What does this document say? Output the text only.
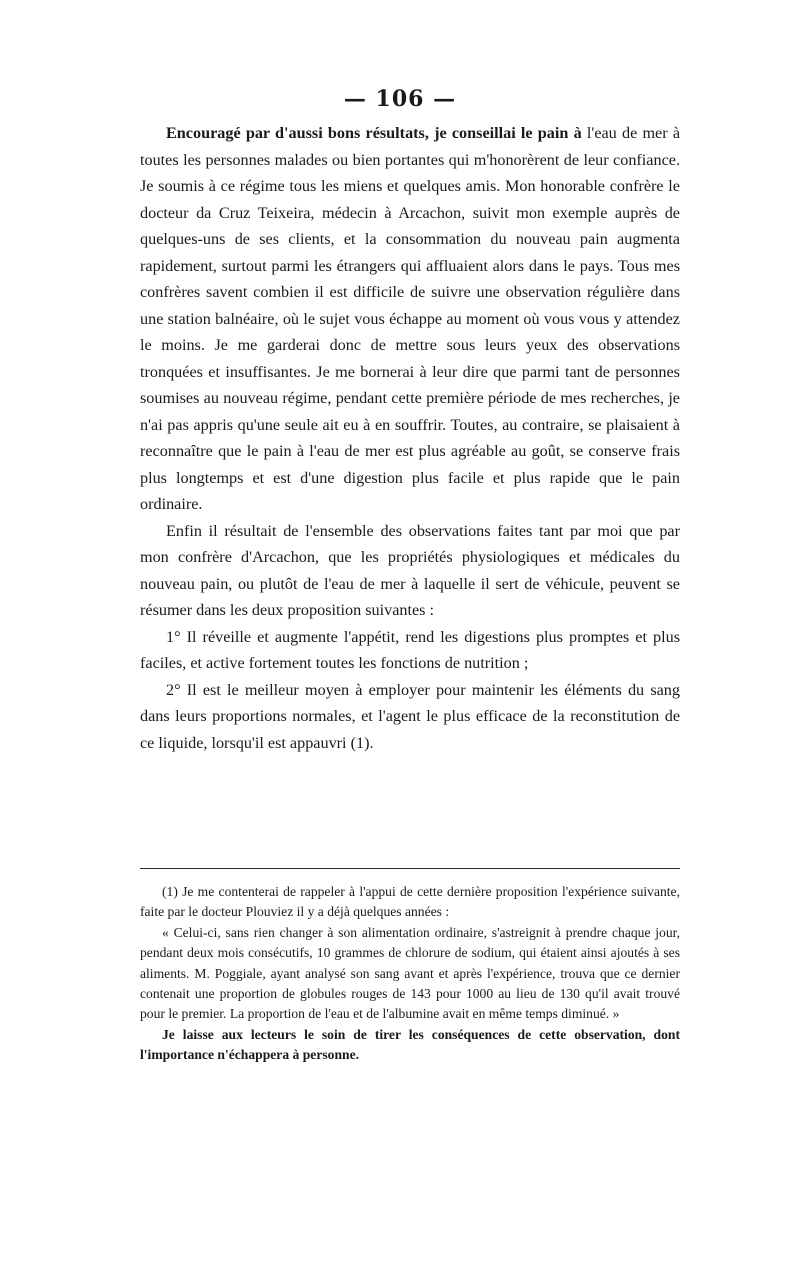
— 106 —

Encouragé par d'aussi bons résultats, je conseillai le pain à l'eau de mer à toutes les personnes malades ou bien portantes qui m'honorèrent de leur confiance. Je soumis à ce régime tous les miens et quelques amis. Mon honorable confrère le docteur da Cruz Teixeira, médecin à Arcachon, suivit mon exemple auprès de quelques-uns de ses clients, et la consommation du nouveau pain augmenta rapidement, surtout parmi les étrangers qui affluaient alors dans le pays. Tous mes confrères savent combien il est difficile de suivre une observation régulière dans une station balnéaire, où le sujet vous échappe au moment où vous vous y attendez le moins. Je me garderai donc de mettre sous leurs yeux des observations tronquées et insuffisantes. Je me bornerai à leur dire que parmi tant de personnes soumises au nouveau régime, pendant cette première période de mes recherches, je n'ai pas appris qu'une seule ait eu à en souffrir. Toutes, au contraire, se plaisaient à reconnaître que le pain à l'eau de mer est plus agréable au goût, se conserve frais plus longtemps et est d'une digestion plus facile et plus rapide que le pain ordinaire.

Enfin il résultait de l'ensemble des observations faites tant par moi que par mon confrère d'Arcachon, que les propriétés physiologiques et médicales du nouveau pain, ou plutôt de l'eau de mer à laquelle il sert de véhicule, peuvent se résumer dans les deux proposition suivantes :

1° Il réveille et augmente l'appétit, rend les digestions plus promptes et plus faciles, et active fortement toutes les fonctions de nutrition ;

2° Il est le meilleur moyen à employer pour maintenir les éléments du sang dans leurs proportions normales, et l'agent le plus efficace de la reconstitution de ce liquide, lorsqu'il est appauvri (1).

(1) Je me contenterai de rappeler à l'appui de cette dernière proposition l'expérience suivante, faite par le docteur Plouviez il y a déjà quelques années :

« Celui-ci, sans rien changer à son alimentation ordinaire, s'astreignit à prendre chaque jour, pendant deux mois consécutifs, 10 grammes de chlorure de sodium, qui étaient ainsi ajoutés à ses aliments. M. Poggiale, ayant analysé son sang avant et après l'expérience, trouva que ce dernier contenait une proportion de globules rouges de 143 pour 1000 au lieu de 130 qu'il avait trouvé pour le premier. La proportion de l'eau et de l'albumine avait en même temps diminué. »

Je laisse aux lecteurs le soin de tirer les conséquences de cette observation, dont l'importance n'échappera à personne.
